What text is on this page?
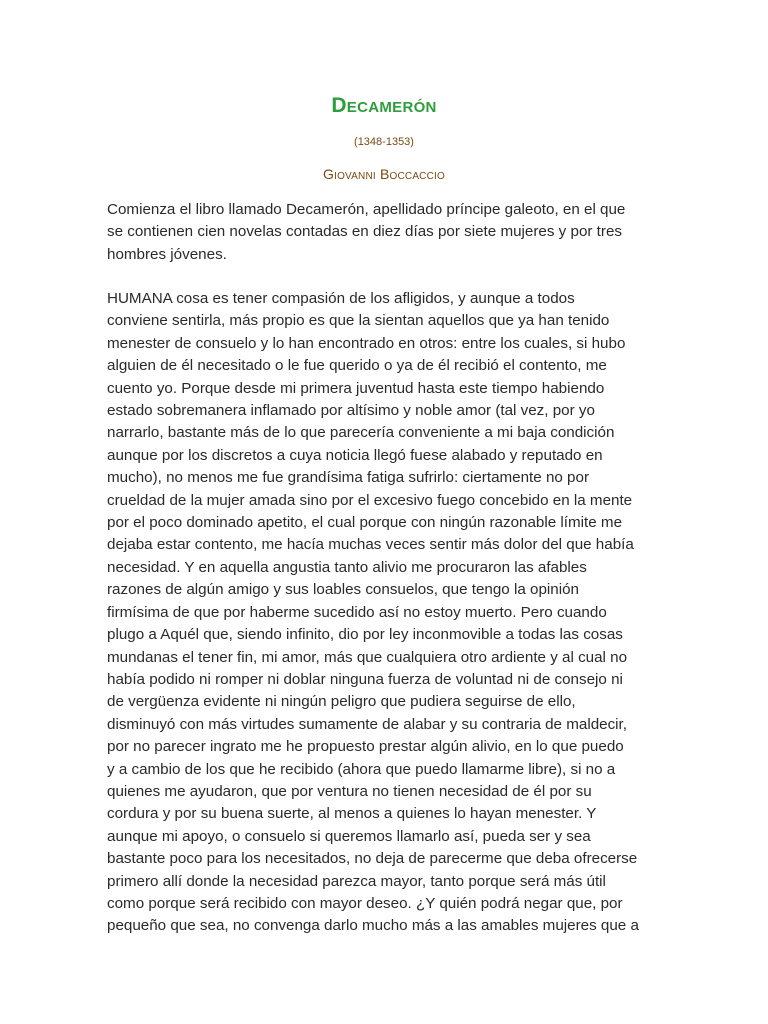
Decamerón
(1348-1353)
Giovanni Boccaccio
Comienza el libro llamado Decamerón, apellidado príncipe galeoto, en el que
se contienen cien novelas contadas en diez días por siete mujeres y por tres
hombres jóvenes.
HUMANA cosa es tener compasión de los afligidos, y aunque a todos
conviene sentirla, más propio es que la sientan aquellos que ya han tenido
menester de consuelo y lo han encontrado en otros: entre los cuales, si hubo
alguien de él necesitado o le fue querido o ya de él recibió el contento, me
cuento yo. Porque desde mi primera juventud hasta este tiempo habiendo
estado sobremanera inflamado por altísimo y noble amor (tal vez, por yo
narrarlo, bastante más de lo que parecería conveniente a mi baja condición
aunque por los discretos a cuya noticia llegó fuese alabado y reputado en
mucho), no menos me fue grandísima fatiga sufrirlo: ciertamente no por
crueldad de la mujer amada sino por el excesivo fuego concebido en la mente
por el poco dominado apetito, el cual porque con ningún razonable límite me
dejaba estar contento, me hacía muchas veces sentir más dolor del que había
necesidad. Y en aquella angustia tanto alivio me procuraron las afables
razones de algún amigo y sus loables consuelos, que tengo la opinión
firmísima de que por haberme sucedido así no estoy muerto. Pero cuando
plugo a Aquél que, siendo infinito, dio por ley inconmovible a todas las cosas
mundanas el tener fin, mi amor, más que cualquiera otro ardiente y al cual no
había podido ni romper ni doblar ninguna fuerza de voluntad ni de consejo ni
de vergüenza evidente ni ningún peligro que pudiera seguirse de ello,
disminuyó con más virtudes sumamente de alabar y su contraria de maldecir,
por no parecer ingrato me he propuesto prestar algún alivio, en lo que puedo
y a cambio de los que he recibido (ahora que puedo llamarme libre), si no a
quienes me ayudaron, que por ventura no tienen necesidad de él por su
cordura y por su buena suerte, al menos a quienes lo hayan menester. Y
aunque mi apoyo, o consuelo si queremos llamarlo así, pueda ser y sea
bastante poco para los necesitados, no deja de parecerme que deba ofrecerse
primero allí donde la necesidad parezca mayor, tanto porque será más útil
como porque será recibido con mayor deseo. ¿Y quién podrá negar que, por
pequeño que sea, no convenga darlo mucho más a las amables mujeres que a
